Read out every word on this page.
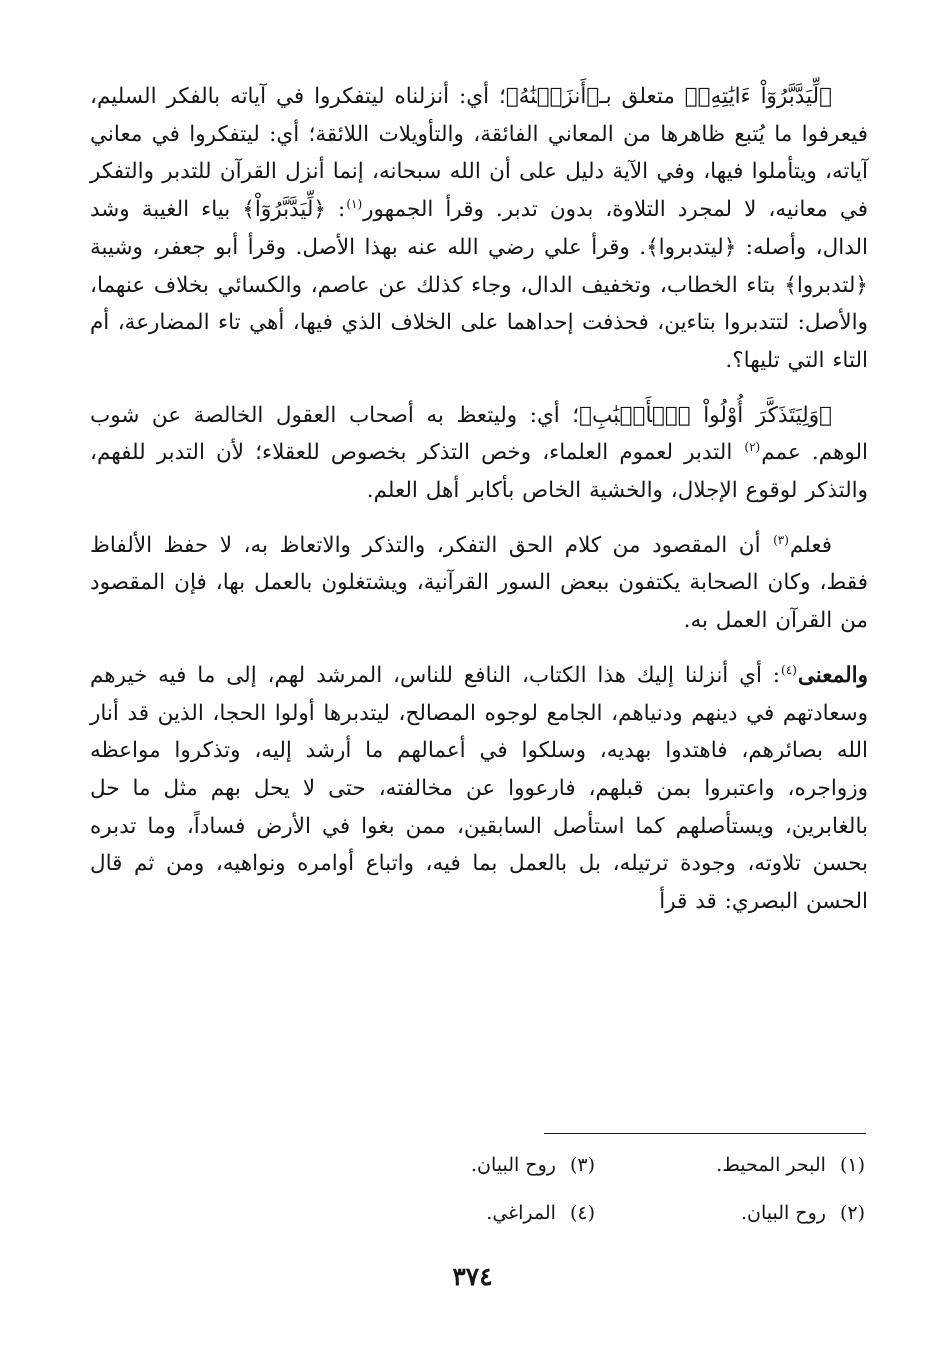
﴿لِّيَدَّبَّرُوٓاْ ءَايَٰتِهِۦ﴾ متعلق بـ﴿أَنزَلۡنَٰهُ﴾؛ أي: أنزلناه ليتفكروا في آياته بالفكر السليم، فيعرفوا ما يُتبع ظاهرها من المعاني الفائقة، والتأويلات اللائقة؛ أي: ليتفكروا في معاني آياته، ويتأملوا فيها، وفي الآية دليل على أن الله سبحانه، إنما أنزل القرآن للتدبر والتفكر في معانيه، لا لمجرد التلاوة، بدون تدبر. وقرأ الجمهور$^{(١)}$: ﴿لِّيَدَّبَّرُوٓاْ﴾ بياء الغيبة وشد الدال، وأصله: ﴿ليتدبروا﴾. وقرأ علي رضي الله عنه بهذا الأصل. وقرأ أبو جعفر، وشيبة ﴿لتدبروا﴾ بتاء الخطاب، وتخفيف الدال، وجاء كذلك عن عاصم، والكسائي بخلاف عنهما، والأصل: لتتدبروا بتاءين، فحذفت إحداهما على الخلاف الذي فيها، أهي تاء المضارعة، أم التاء التي تليها؟.

﴿وَلِيَتَذَكَّرَ أُوْلُواْ ٱلۡأَلۡبَٰبِ﴾؛ أي: وليتعظ به أصحاب العقول الخالصة عن شوب الوهم. عمم$^{(٢)}$ التدبر لعموم العلماء، وخص التذكر بخصوص للعقلاء؛ لأن التدبر للفهم، والتذكر لوقوع الإجلال، والخشية الخاص بأكابر أهل العلم.

فعلم$^{(٣)}$ أن المقصود من كلام الحق التفكر، والتذكر والاتعاظ به، لا حفظ الألفاظ فقط، وكان الصحابة يكتفون ببعض السور القرآنية، ويشتغلون بالعمل بها، فإن المقصود من القرآن العمل به.

والمعنى$^{(٤)}$: أي أنزلنا إليك هذا الكتاب، النافع للناس، المرشد لهم، إلى ما فيه خيرهم وسعادتهم في دينهم ودنياهم، الجامع لوجوه المصالح، ليتدبرها أولوا الحجا، الذين قد أنار الله بصائرهم، فاهتدوا بهديه، وسلكوا في أعمالهم ما أرشد إليه، وتذكروا مواعظه وزواجره، واعتبروا بمن قبلهم، فارعووا عن مخالفته، حتى لا يحل بهم مثل ما حل بالغابرين، ويستأصلهم كما استأصل السابقين، ممن بغوا في الأرض فساداً، وما تدبره بحسن تلاوته، وجودة ترتيله، بل بالعمل بما فيه، واتباع أوامره ونواهيه، ومن ثم قال الحسن البصري: قد قرأ

(١)البحر المحيط.
(٣)روح البيان.
(٢)روح البيان.
(٤)المراغي.
٣٧٤
